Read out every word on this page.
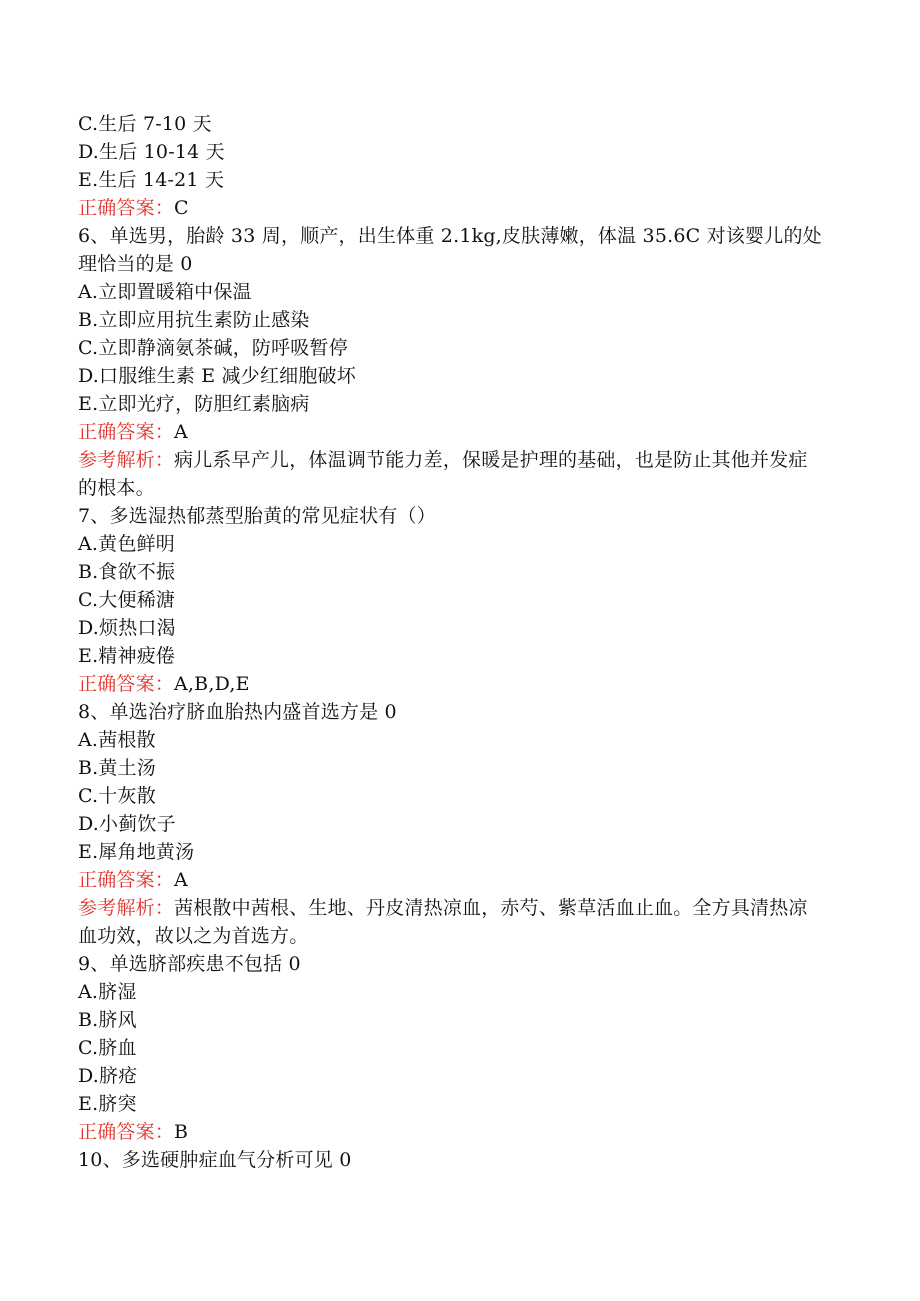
C.生后 7-10 天
D.生后 10-14 天
E.生后 14-21 天
正确答案：C
6、单选男，胎龄 33 周，顺产，出生体重 2.1kg,皮肤薄嫩，体温 35.6C 对该婴儿的处理恰当的是 0
A.立即置暖箱中保温
B.立即应用抗生素防止感染
C.立即静滴氨茶碱，防呼吸暂停
D.口服维生素 E 减少红细胞破坏
E.立即光疗，防胆红素脑病
正确答案：A
参考解析：病儿系早产儿，体温调节能力差，保暖是护理的基础，也是防止其他并发症的根本。
7、多选湿热郁蒸型胎黄的常见症状有（）
A.黄色鲜明
B.食欲不振
C.大便稀溏
D.烦热口渴
E.精神疲倦
正确答案：A,B,D,E
8、单选治疗脐血胎热内盛首选方是 0
A.茜根散
B.黄土汤
C.十灰散
D.小蓟饮子
E.犀角地黄汤
正确答案：A
参考解析：茜根散中茜根、生地、丹皮清热凉血，赤芍、紫草活血止血。全方具清热凉血功效，故以之为首选方。
9、单选脐部疾患不包括 0
A.脐湿
B.脐风
C.脐血
D.脐疮
E.脐突
正确答案：B
10、多选硬肿症血气分析可见 0
